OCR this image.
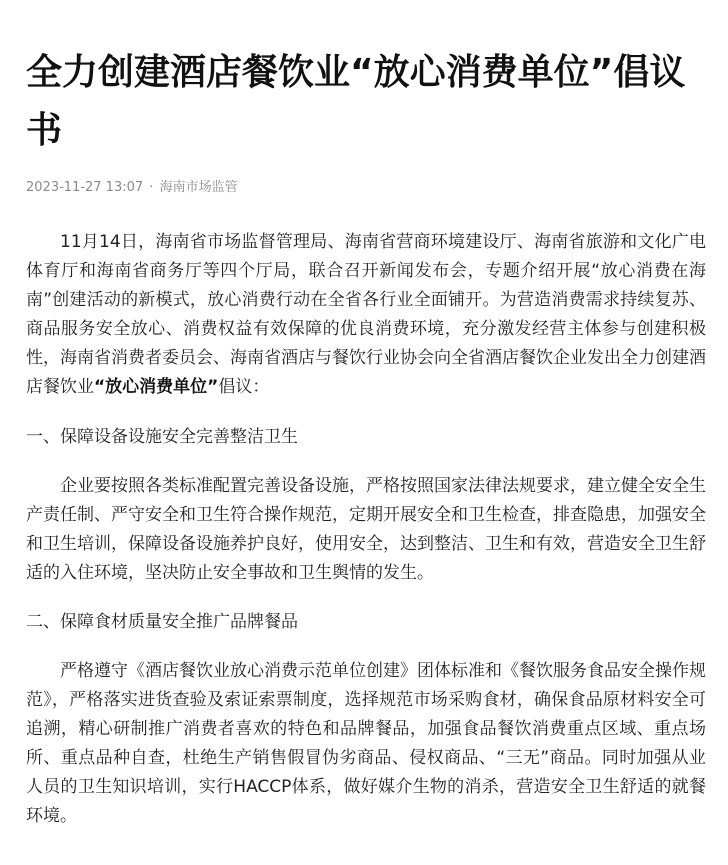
全力创建酒店餐饮业“放心消费单位”倡议书
2023-11-27 13:07 · 海南市场监管

11月14日，海南省市场监督管理局、海南省营商环境建设厅、海南省旅游和文化广电体育厅和海南省商务厅等四个厅局，联合召开新闻发布会，专题介绍开展“放心消费在海南”创建活动的新模式，放心消费行动在全省各行业全面铺开。为营造消费需求持续复苏、商品服务安全放心、消费权益有效保障的优良消费环境，充分激发经营主体参与创建积极性，海南省消费者委员会、海南省酒店与餐饮行业协会向全省酒店餐饮企业发出全力创建酒店餐饮业“放心消费单位”倡议：

一、保障设备设施安全完善整洁卫生

企业要按照各类标准配置完善设备设施，严格按照国家法律法规要求，建立健全安全生产责任制、严守安全和卫生符合操作规范，定期开展安全和卫生检查，排查隐患，加强安全和卫生培训，保障设备设施养护良好，使用安全，达到整洁、卫生和有效，营造安全卫生舒适的入住环境，坚决防止安全事故和卫生舆情的发生。

二、保障食材质量安全推广品牌餐品

严格遵守《酒店餐饮业放心消费示范单位创建》团体标准和《餐饮服务食品安全操作规范》，严格落实进货查验及索证索票制度，选择规范市场采购食材，确保食品原材料安全可追溯，精心研制推广消费者喜欢的特色和品牌餐品，加强食品餐饮消费重点区域、重点场所、重点品种自查，杜绝生产销售假冒伪劣商品、侵权商品、“三无”商品。同时加强从业人员的卫生知识培训，实行HACCP体系，做好媒介生物的消杀，营造安全卫生舒适的就餐环境。
